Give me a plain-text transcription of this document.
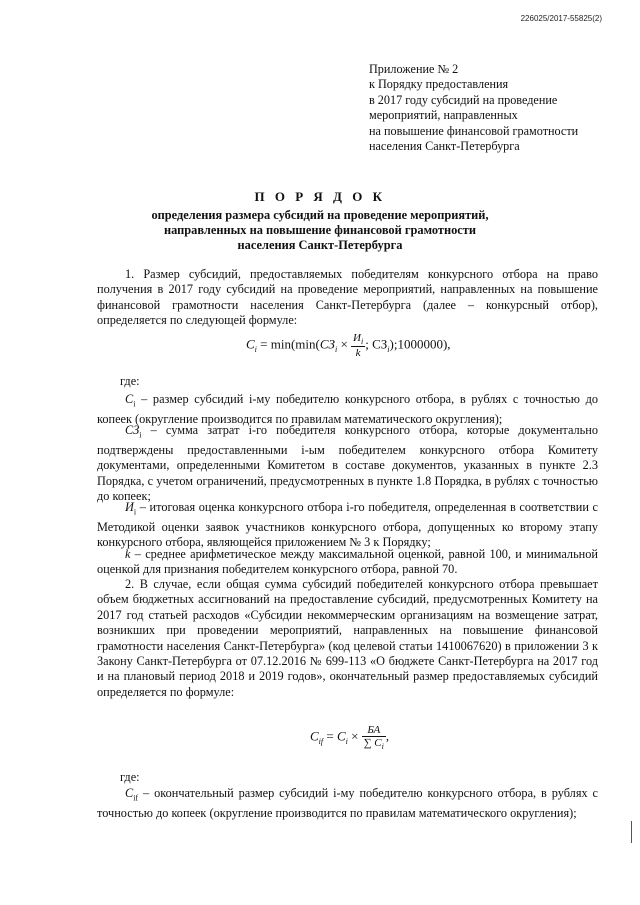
226025/2017-55825(2)
Приложение № 2
к Порядку предоставления
в 2017 году субсидий на проведение
мероприятий, направленных
на повышение финансовой грамотности
населения Санкт-Петербурга
П О Р Я Д О К
определения размера субсидий на проведение мероприятий,
направленных на повышение финансовой грамотности
населения Санкт-Петербурга
1. Размер субсидий, предоставляемых победителям конкурсного отбора на право получения в 2017 году субсидий на проведение мероприятий, направленных на повышение финансовой грамотности населения Санкт-Петербурга (далее – конкурсный отбор), определяется по следующей формуле:
$C_i = \min(\min(СЗ_i \times \frac{И_i}{k}$ ; $СЗ_i);1000000$),
где:
$C_i$ – размер субсидий i-му победителю конкурсного отбора, в рублях с точностью до копеек (округление производится по правилам математического округления);
$СЗ_i$ – сумма затрат i-го победителя конкурсного отбора, которые документально подтверждены предоставленными i-ым победителем конкурсного отбора Комитету документами, определенными Комитетом в составе документов, указанных в пункте 2.3 Порядка, с учетом ограничений, предусмотренных в пункте 1.8 Порядка, в рублях с точностью до копеек;
$И_i$ – итоговая оценка конкурсного отбора i-го победителя, определенная в соответствии с Методикой оценки заявок участников конкурсного отбора, допущенных ко второму этапу конкурсного отбора, являющейся приложением № 3 к Порядку;
k – среднее арифметическое между максимальной оценкой, равной 100, и минимальной оценкой для признания победителем конкурсного отбора, равной 70.
2. В случае, если общая сумма субсидий победителей конкурсного отбора превышает объем бюджетных ассигнований на предоставление субсидий, предусмотренных Комитету на 2017 год статьей расходов «Субсидии некоммерческим организациям на возмещение затрат, возникших при проведении мероприятий, направленных на повышение финансовой грамотности населения Санкт-Петербурга» (код целевой статьи 1410067620) в приложении 3 к Закону Санкт-Петербурга от 07.12.2016 № 699-113 «О бюджете Санкт-Петербурга на 2017 год и на плановый период 2018 и 2019 годов», окончательный размер предоставляемых субсидий определяется по формуле:
$C_{if} = C_i \times \frac{БА}{\sum C_i}$ ,
где:
$C_{if}$ – окончательный размер субсидий i-му победителю конкурсного отбора, в рублях с точностью до копеек (округление производится по правилам математического округления);
